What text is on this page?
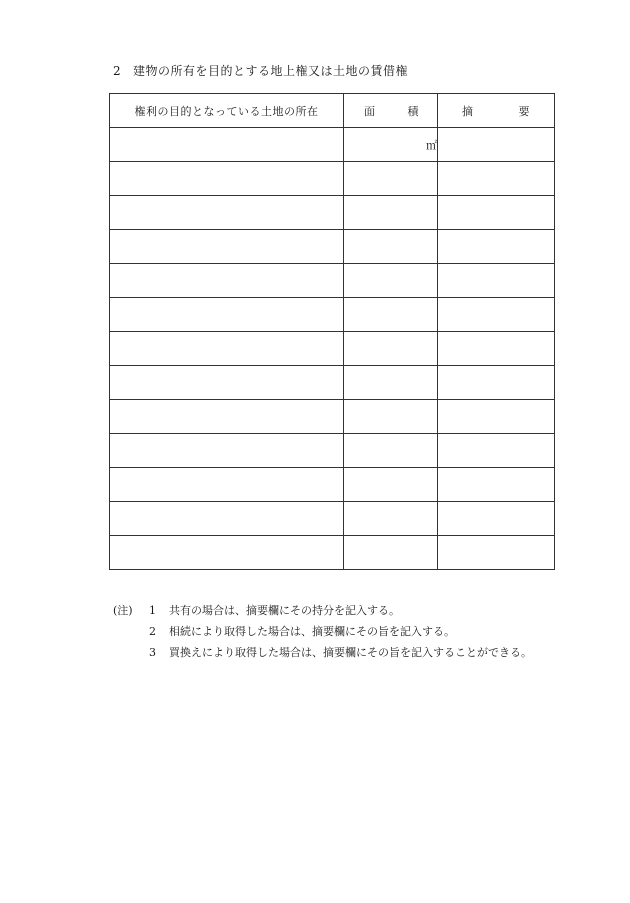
2 建物の所有を目的とする地上権又は土地の賃借権
権利の目的となっている土地の所在	面 積	摘 要

	㎡	

(注)	1	共有の場合は、摘要欄にその持分を記入する。
2	相続により取得した場合は、摘要欄にその旨を記入する。
3	買換えにより取得した場合は、摘要欄にその旨を記入することができる。
